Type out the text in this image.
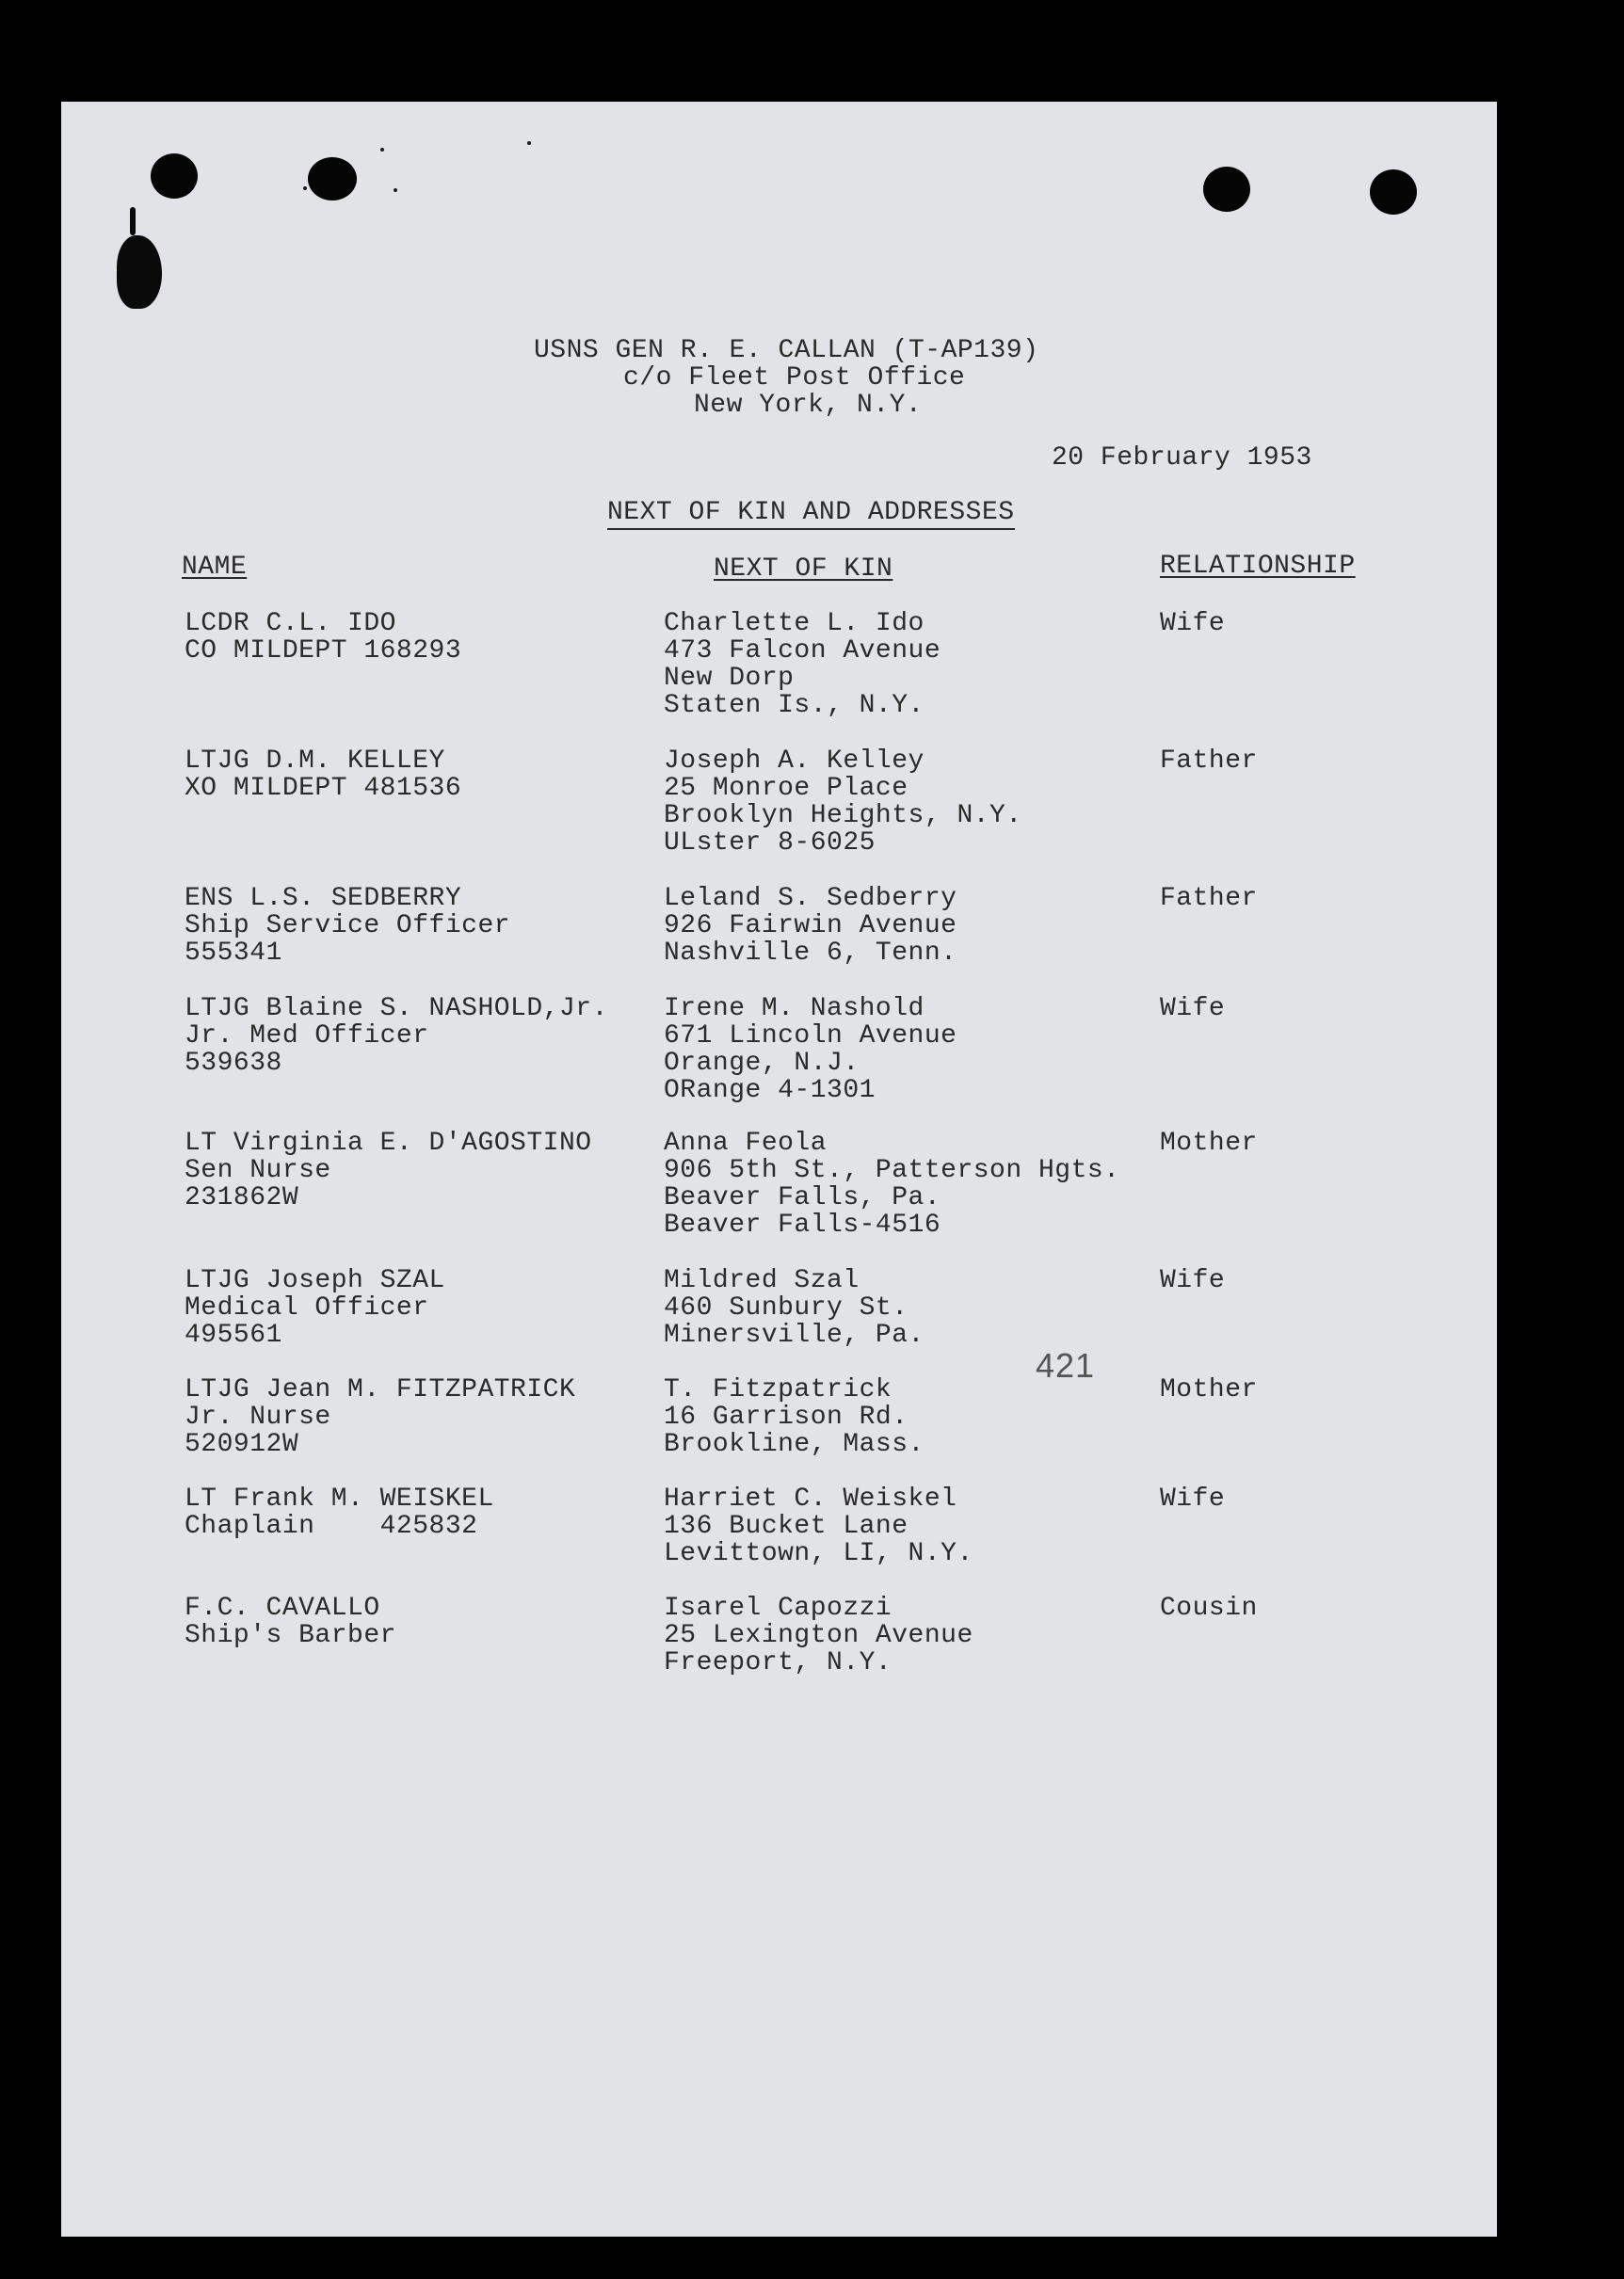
USNS GEN R. E. CALLAN (T-AP139)
c/o Fleet Post Office
New York, N.Y.
20 February 1953
NEXT OF KIN AND ADDRESSES
NAME	NEXT OF KIN	RELATIONSHIP
LCDR C.L. IDO
CO MILDEPT 168293
Charlette L. Ido
473 Falcon Avenue
New Dorp
Staten Is., N.Y.
Wife
LTJG D.M. KELLEY
XO MILDEPT 481536
Joseph A. Kelley
25 Monroe Place
Brooklyn Heights, N.Y.
ULster 8-6025
Father
ENS L.S. SEDBERRY
Ship Service Officer
555341
Leland S. Sedberry
926 Fairwin Avenue
Nashville 6, Tenn.
Father
LTJG Blaine S. NASHOLD,Jr.
Jr. Med Officer
539638
Irene M. Nashold
671 Lincoln Avenue
Orange, N.J.
ORange 4-1301
Wife
LT Virginia E. D'AGOSTINO
Sen Nurse
231862W
Anna Feola
906 5th St., Patterson Hgts.
Beaver Falls, Pa.
Beaver Falls-4516
Mother
LTJG Joseph SZAL
Medical Officer
495561
Mildred Szal
460 Sunbury St.
Minersville, Pa.
Wife
LTJG Jean M. FITZPATRICK
Jr. Nurse
520912W
T. Fitzpatrick
16 Garrison Rd.
Brookline, Mass.
Mother
LT Frank M. WEISKEL
Chaplain    425832
Harriet C. Weiskel
136 Bucket Lane
Levittown, LI, N.Y.
Wife
F.C. CAVALLO
Ship's Barber
Isarel Capozzi
25 Lexington Avenue
Freeport, N.Y.
Cousin
421
